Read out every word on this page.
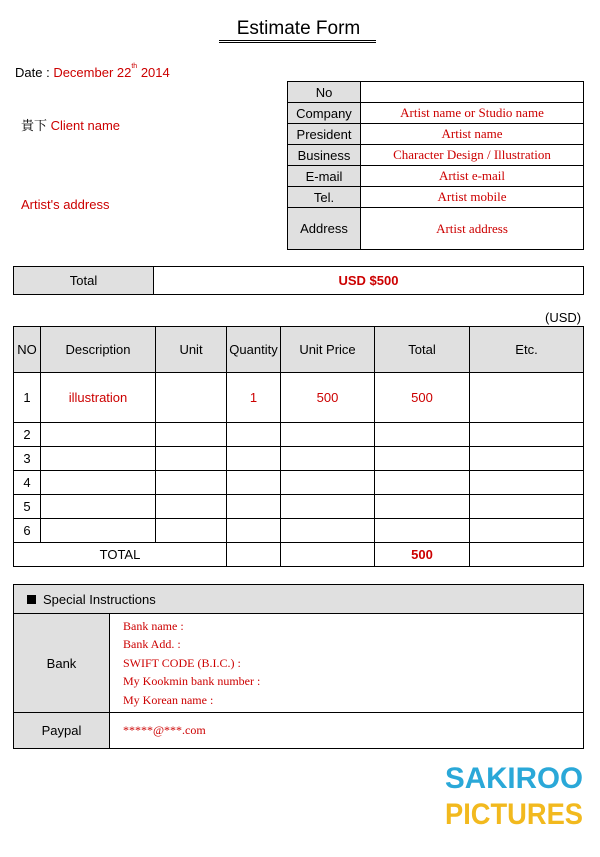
Estimate Form
Date : December 22th 2014
貴下 Client name
Artist's address
No	
Company	Artist name or Studio name
President	Artist name
Business	Character Design / Illustration
E-mail	Artist e-mail
Tel.	Artist mobile
Address	Artist address
Total	USD $500
(USD)
NO	Description	Unit	Quantity	Unit Price	Total	Etc.
1	illustration		1	500	500	
2						
3						
4						
5						
6						
TOTAL					500	
Special Instructions	
Bank	Bank name :
Bank Add. :
SWIFT CODE (B.I.C.) :
My Kookmin bank number :
My Korean name :

Paypal	*****@***.com
SAKIROO
PICTURES
